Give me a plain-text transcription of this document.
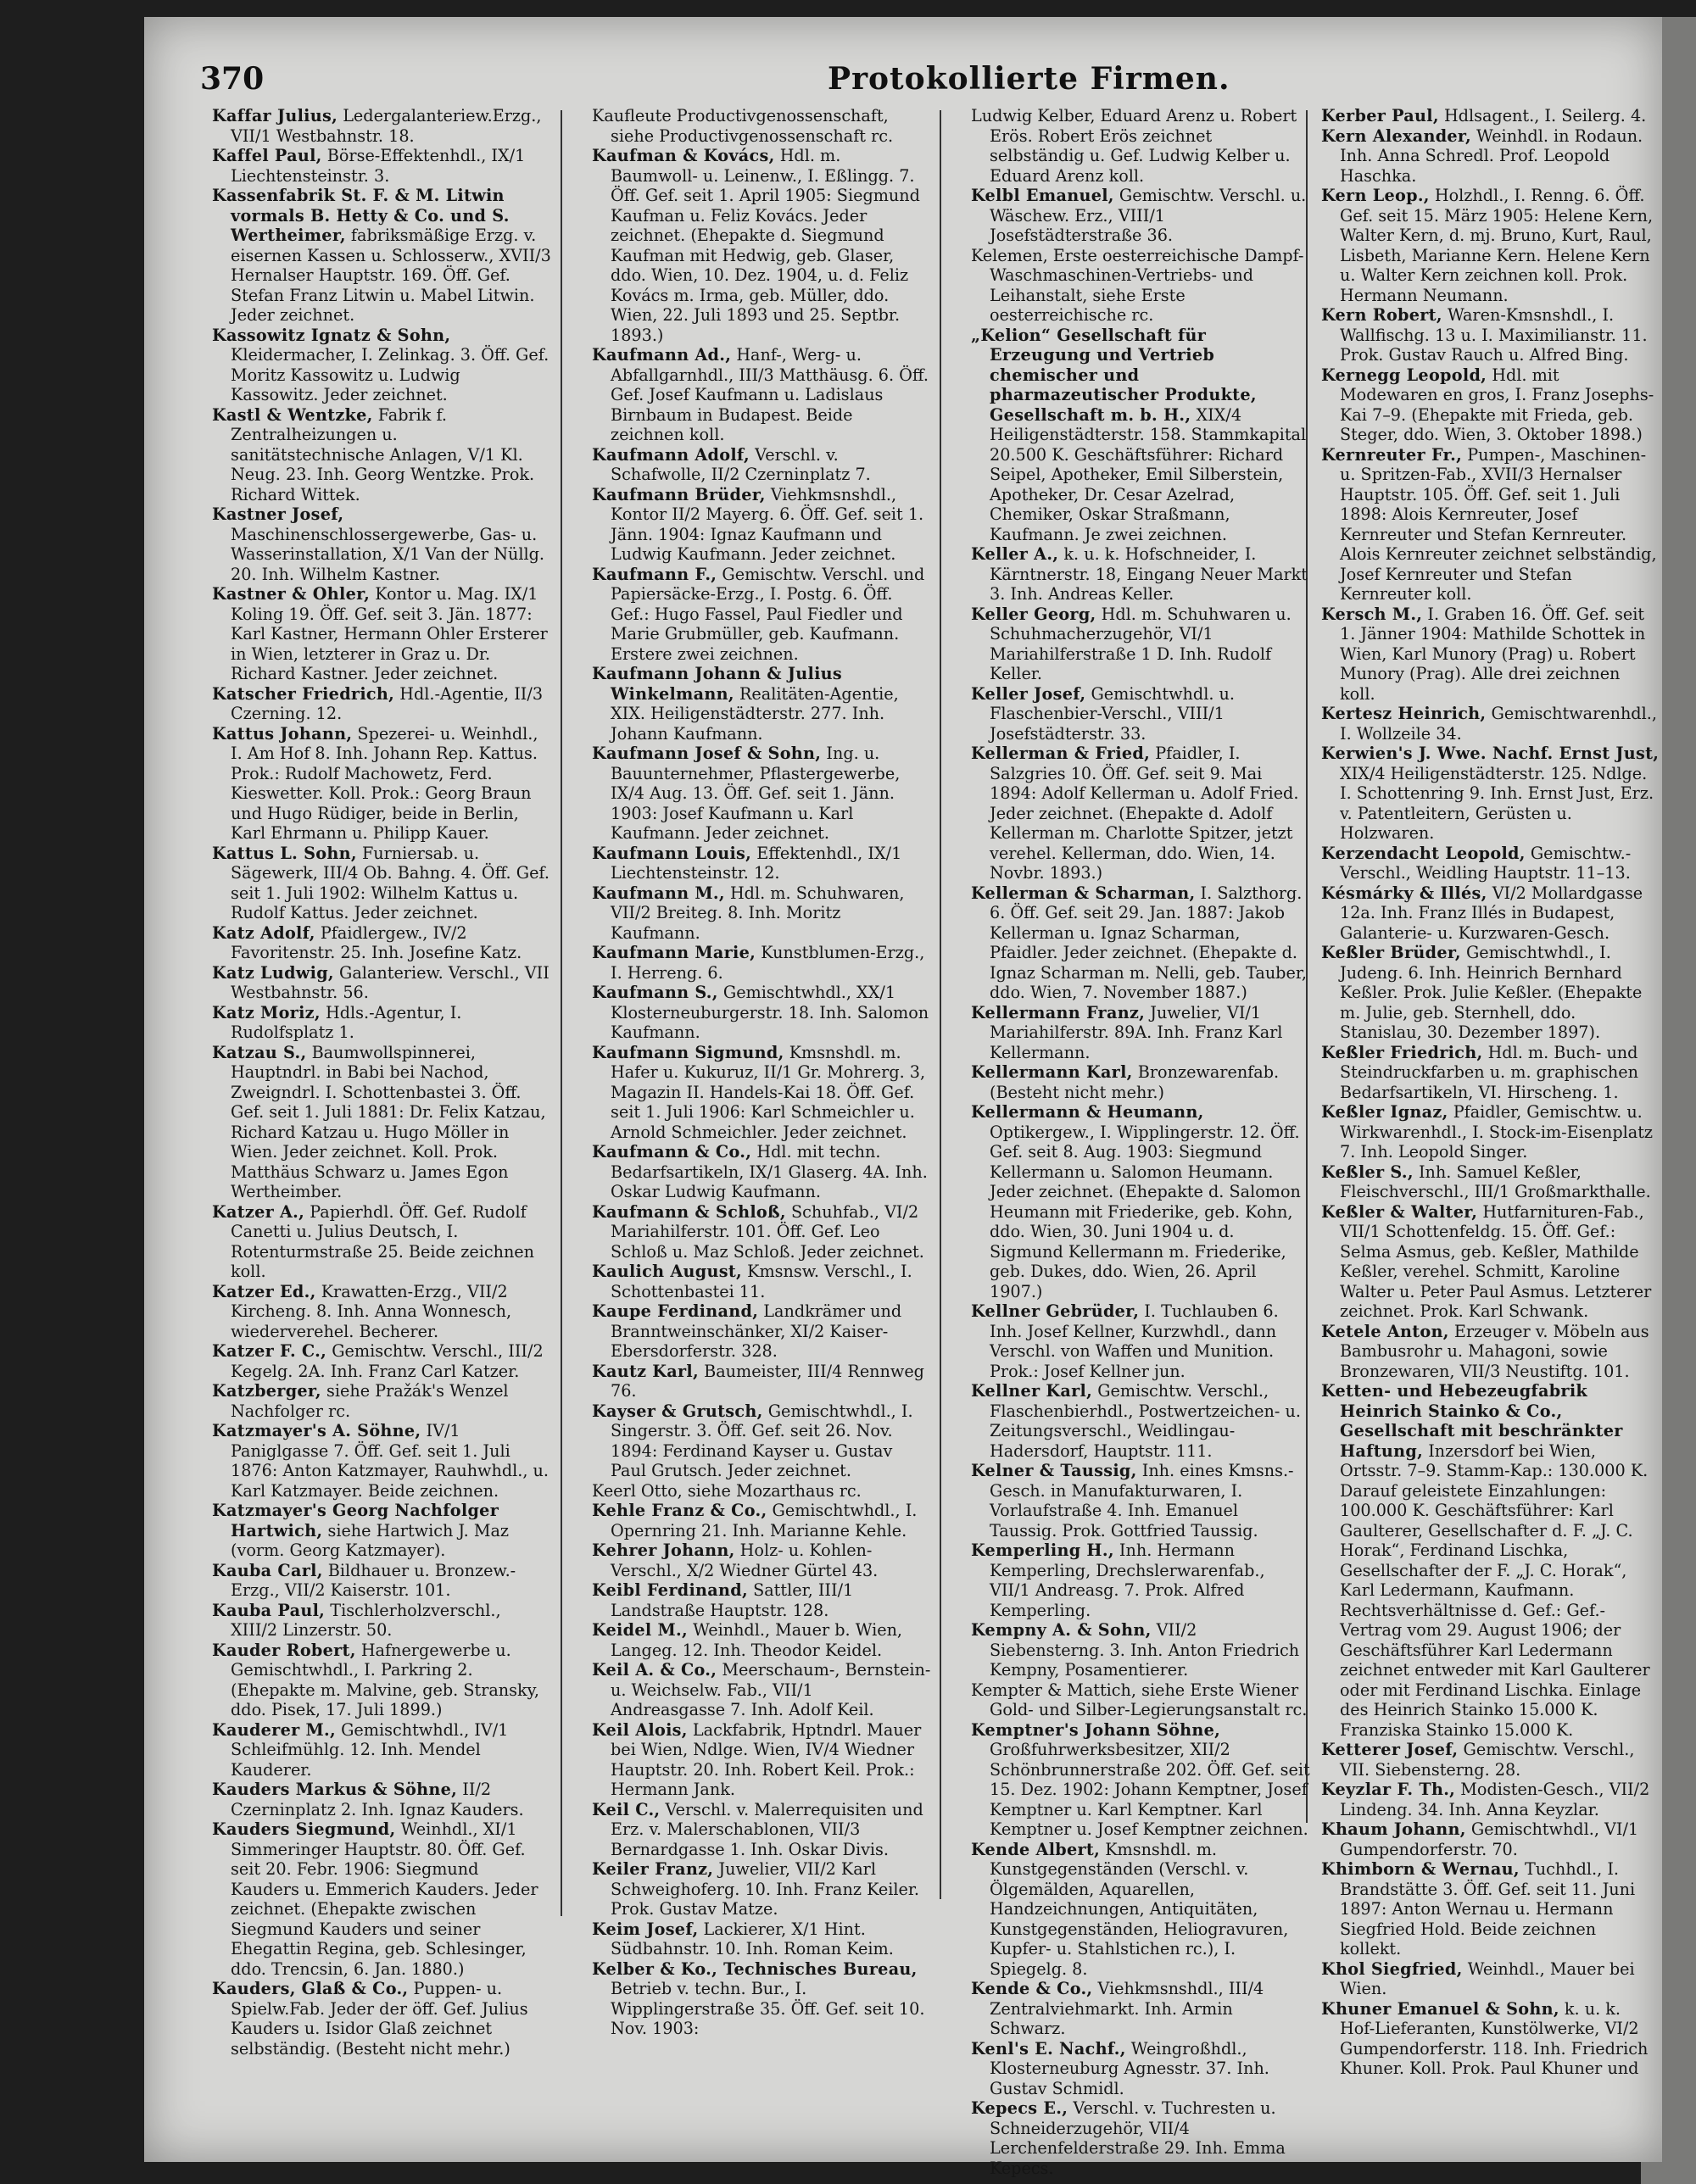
370	Protokollierte Firmen.

Kaffar Julius, Ledergalanteriew.Erzg., VII/1 Westbahnstr. 18.

Kaffel Paul, Börse-Effektenhdl., IX/1 Liechtensteinstr. 3.

Kassenfabrik St. F. & M. Litwin vormals B. Hetty & Co. und S. Wertheimer, fabriksmäßige Erzg. v. eisernen Kassen u. Schlosserw., XVII/3 Hernalser Hauptstr. 169. Öff. Gef. Stefan Franz Litwin u. Mabel Litwin. Jeder zeichnet.

Kassowitz Ignatz & Sohn, Kleidermacher, I. Zelinkag. 3. Öff. Gef. Moritz Kassowitz u. Ludwig Kassowitz. Jeder zeichnet.

Kastl & Wentzke, Fabrik f. Zentralheizungen u. sanitätstechnische Anlagen, V/1 Kl. Neug. 23. Inh. Georg Wentzke. Prok. Richard Wittek.

Kastner Josef, Maschinenschlossergewerbe, Gas- u. Wasserinstallation, X/1 Van der Nüllg. 20. Inh. Wilhelm Kastner.

Kastner & Ohler, Kontor u. Mag. IX/1 Koling 19. Öff. Gef. seit 3. Jän. 1877: Karl Kastner, Hermann Ohler Ersterer in Wien, letzterer in Graz u. Dr. Richard Kastner. Jeder zeichnet.

Katscher Friedrich, Hdl.-Agentie, II/3 Czerning. 12.

Kattus Johann, Spezerei- u. Weinhdl., I. Am Hof 8. Inh. Johann Rep. Kattus. Prok.: Rudolf Machowetz, Ferd. Kieswetter. Koll. Prok.: Georg Braun und Hugo Rüdiger, beide in Berlin, Karl Ehrmann u. Philipp Kauer.

Kattus L. Sohn, Furniersab. u. Sägewerk, III/4 Ob. Bahng. 4. Öff. Gef. seit 1. Juli 1902: Wilhelm Kattus u. Rudolf Kattus. Jeder zeichnet.

Katz Adolf, Pfaidlergew., IV/2 Favoritenstr. 25. Inh. Josefine Katz.

Katz Ludwig, Galanteriew. Verschl., VII Westbahnstr. 56.

Katz Moriz, Hdls.-Agentur, I. Rudolfsplatz 1.

Katzau S., Baumwollspinnerei, Hauptndrl. in Babi bei Nachod, Zweigndrl. I. Schottenbastei 3. Öff. Gef. seit 1. Juli 1881: Dr. Felix Katzau, Richard Katzau u. Hugo Möller in Wien. Jeder zeichnet. Koll. Prok. Matthäus Schwarz u. James Egon Wertheimber.

Katzer A., Papierhdl. Öff. Gef. Rudolf Canetti u. Julius Deutsch, I. Rotenturmstraße 25. Beide zeichnen koll.

Katzer Ed., Krawatten-Erzg., VII/2 Kircheng. 8. Inh. Anna Wonnesch, wiederverehel. Becherer.

Katzer F. C., Gemischtw. Verschl., III/2 Kegelg. 2A. Inh. Franz Carl Katzer.

Katzberger, siehe Pražák's Wenzel Nachfolger rc.

Katzmayer's A. Söhne, IV/1 Paniglgasse 7. Öff. Gef. seit 1. Juli 1876: Anton Katzmayer, Rauhwhdl., u. Karl Katzmayer. Beide zeichnen.

Katzmayer's Georg Nachfolger Hartwich, siehe Hartwich J. Maz (vorm. Georg Katzmayer).

Kauba Carl, Bildhauer u. Bronzew.-Erzg., VII/2 Kaiserstr. 101.

Kauba Paul, Tischlerholzverschl., XIII/2 Linzerstr. 50.

Kauder Robert, Hafnergewerbe u. Gemischtwhdl., I. Parkring 2. (Ehepakte m. Malvine, geb. Stransky, ddo. Pisek, 17. Juli 1899.)

Kauderer M., Gemischtwhdl., IV/1 Schleifmühlg. 12. Inh. Mendel Kauderer.

Kauders Markus & Söhne, II/2 Czerninplatz 2. Inh. Ignaz Kauders.

Kauders Siegmund, Weinhdl., XI/1 Simmeringer Hauptstr. 80. Öff. Gef. seit 20. Febr. 1906: Siegmund Kauders u. Emmerich Kauders. Jeder zeichnet. (Ehepakte zwischen Siegmund Kauders und seiner Ehegattin Regina, geb. Schlesinger, ddo. Trencsin, 6. Jan. 1880.)

Kauders, Glaß & Co., Puppen- u. Spielw.Fab. Jeder der öff. Gef. Julius Kauders u. Isidor Glaß zeichnet selbständig. (Besteht nicht mehr.)

Kaufleute Productivgenossenschaft, siehe Productivgenossenschaft rc.

Kaufman & Kovács, Hdl. m. Baumwoll- u. Leinenw., I. Eßlingg. 7. Öff. Gef. seit 1. April 1905: Siegmund Kaufman u. Feliz Kovács. Jeder zeichnet. (Ehepakte d. Siegmund Kaufman mit Hedwig, geb. Glaser, ddo. Wien, 10. Dez. 1904, u. d. Feliz Kovács m. Irma, geb. Müller, ddo. Wien, 22. Juli 1893 und 25. Septbr. 1893.)

Kaufmann Ad., Hanf-, Werg- u. Abfallgarnhdl., III/3 Matthäusg. 6. Öff. Gef. Josef Kaufmann u. Ladislaus Birnbaum in Budapest. Beide zeichnen koll.

Kaufmann Adolf, Verschl. v. Schafwolle, II/2 Czerninplatz 7.

Kaufmann Brüder, Viehkmsnshdl., Kontor II/2 Mayerg. 6. Öff. Gef. seit 1. Jänn. 1904: Ignaz Kaufmann und Ludwig Kaufmann. Jeder zeichnet.

Kaufmann F., Gemischtw. Verschl. und Papiersäcke-Erzg., I. Postg. 6. Öff. Gef.: Hugo Fassel, Paul Fiedler und Marie Grubmüller, geb. Kaufmann. Erstere zwei zeichnen.

Kaufmann Johann & Julius Winkelmann, Realitäten-Agentie, XIX. Heiligenstädterstr. 277. Inh. Johann Kaufmann.

Kaufmann Josef & Sohn, Ing. u. Bauunternehmer, Pflastergewerbe, IX/4 Aug. 13. Öff. Gef. seit 1. Jänn. 1903: Josef Kaufmann u. Karl Kaufmann. Jeder zeichnet.

Kaufmann Louis, Effektenhdl., IX/1 Liechtensteinstr. 12.

Kaufmann M., Hdl. m. Schuhwaren, VII/2 Breiteg. 8. Inh. Moritz Kaufmann.

Kaufmann Marie, Kunstblumen-Erzg., I. Herreng. 6.

Kaufmann S., Gemischtwhdl., XX/1 Klosterneuburgerstr. 18. Inh. Salomon Kaufmann.

Kaufmann Sigmund, Kmsnshdl. m. Hafer u. Kukuruz, II/1 Gr. Mohrerg. 3, Magazin II. Handels-Kai 18. Öff. Gef. seit 1. Juli 1906: Karl Schmeichler u. Arnold Schmeichler. Jeder zeichnet.

Kaufmann & Co., Hdl. mit techn. Bedarfsartikeln, IX/1 Glaserg. 4A. Inh. Oskar Ludwig Kaufmann.

Kaufmann & Schloß, Schuhfab., VI/2 Mariahilferstr. 101. Öff. Gef. Leo Schloß u. Maz Schloß. Jeder zeichnet.

Kaulich August, Kmsnsw. Verschl., I. Schottenbastei 11.

Kaupe Ferdinand, Landkrämer und Branntweinschänker, XI/2 Kaiser-Ebersdorferstr. 328.

Kautz Karl, Baumeister, III/4 Rennweg 76.

Kayser & Grutsch, Gemischtwhdl., I. Singerstr. 3. Öff. Gef. seit 26. Nov. 1894: Ferdinand Kayser u. Gustav Paul Grutsch. Jeder zeichnet.

Keerl Otto, siehe Mozarthaus rc.

Kehle Franz & Co., Gemischtwhdl., I. Opernring 21. Inh. Marianne Kehle.

Kehrer Johann, Holz- u. Kohlen-Verschl., X/2 Wiedner Gürtel 43.

Keibl Ferdinand, Sattler, III/1 Landstraße Hauptstr. 128.

Keidel M., Weinhdl., Mauer b. Wien, Langeg. 12. Inh. Theodor Keidel.

Keil A. & Co., Meerschaum-, Bernstein- u. Weichselw. Fab., VII/1 Andreasgasse 7. Inh. Adolf Keil.

Keil Alois, Lackfabrik, Hptndrl. Mauer bei Wien, Ndlge. Wien, IV/4 Wiedner Hauptstr. 20. Inh. Robert Keil. Prok.: Hermann Jank.

Keil C., Verschl. v. Malerrequisiten und Erz. v. Malerschablonen, VII/3 Bernardgasse 1. Inh. Oskar Divis.

Keiler Franz, Juwelier, VII/2 Karl Schweighoferg. 10. Inh. Franz Keiler. Prok. Gustav Matze.

Keim Josef, Lackierer, X/1 Hint. Südbahnstr. 10. Inh. Roman Keim.

Kelber & Ko., Technisches Bureau, Betrieb v. techn. Bur., I. Wipplingerstraße 35. Öff. Gef. seit 10. Nov. 1903:

Ludwig Kelber, Eduard Arenz u. Robert Erös. Robert Erös zeichnet selbständig u. Gef. Ludwig Kelber u. Eduard Arenz koll.

Kelbl Emanuel, Gemischtw. Verschl. u. Wäschew. Erz., VIII/1 Josefstädterstraße 36.

Kelemen, Erste oesterreichische Dampf-Waschmaschinen-Vertriebs- und Leihanstalt, siehe Erste oesterreichische rc.

„Kelion“ Gesellschaft für Erzeugung und Vertrieb chemischer und pharmazeutischer Produkte, Gesellschaft m. b. H., XIX/4 Heiligenstädterstr. 158. Stammkapital 20.500 K. Geschäftsführer: Richard Seipel, Apotheker, Emil Silberstein, Apotheker, Dr. Cesar Azelrad, Chemiker, Oskar Straßmann, Kaufmann. Je zwei zeichnen.

Keller A., k. u. k. Hofschneider, I. Kärntnerstr. 18, Eingang Neuer Markt 3. Inh. Andreas Keller.

Keller Georg, Hdl. m. Schuhwaren u. Schuhmacherzugehör, VI/1 Mariahilferstraße 1 D. Inh. Rudolf Keller.

Keller Josef, Gemischtwhdl. u. Flaschenbier-Verschl., VIII/1 Josefstädterstr. 33.

Kellerman & Fried, Pfaidler, I. Salzgries 10. Öff. Gef. seit 9. Mai 1894: Adolf Kellerman u. Adolf Fried. Jeder zeichnet. (Ehepakte d. Adolf Kellerman m. Charlotte Spitzer, jetzt verehel. Kellerman, ddo. Wien, 14. Novbr. 1893.)

Kellerman & Scharman, I. Salzthorg. 6. Öff. Gef. seit 29. Jan. 1887: Jakob Kellerman u. Ignaz Scharman, Pfaidler. Jeder zeichnet. (Ehepakte d. Ignaz Scharman m. Nelli, geb. Tauber, ddo. Wien, 7. November 1887.)

Kellermann Franz, Juwelier, VI/1 Mariahilferstr. 89A. Inh. Franz Karl Kellermann.

Kellermann Karl, Bronzewarenfab. (Besteht nicht mehr.)

Kellermann & Heumann, Optikergew., I. Wipplingerstr. 12. Öff. Gef. seit 8. Aug. 1903: Siegmund Kellermann u. Salomon Heumann. Jeder zeichnet. (Ehepakte d. Salomon Heumann mit Friederike, geb. Kohn, ddo. Wien, 30. Juni 1904 u. d. Sigmund Kellermann m. Friederike, geb. Dukes, ddo. Wien, 26. April 1907.)

Kellner Gebrüder, I. Tuchlauben 6. Inh. Josef Kellner, Kurzwhdl., dann Verschl. von Waffen und Munition. Prok.: Josef Kellner jun.

Kellner Karl, Gemischtw. Verschl., Flaschenbierhdl., Postwertzeichen- u. Zeitungsverschl., Weidlingau-Hadersdorf, Hauptstr. 111.

Kelner & Taussig, Inh. eines Kmsns.-Gesch. in Manufakturwaren, I. Vorlaufstraße 4. Inh. Emanuel Taussig. Prok. Gottfried Taussig.

Kemperling H., Inh. Hermann Kemperling, Drechslerwarenfab., VII/1 Andreasg. 7. Prok. Alfred Kemperling.

Kempny A. & Sohn, VII/2 Siebensterng. 3. Inh. Anton Friedrich Kempny, Posamentierer.

Kempter & Mattich, siehe Erste Wiener Gold- und Silber-Legierungsanstalt rc.

Kemptner's Johann Söhne, Großfuhrwerksbesitzer, XII/2 Schönbrunnerstraße 202. Öff. Gef. seit 15. Dez. 1902: Johann Kemptner, Josef Kemptner u. Karl Kemptner. Karl Kemptner u. Josef Kemptner zeichnen.

Kende Albert, Kmsnshdl. m. Kunstgegenständen (Verschl. v. Ölgemälden, Aquarellen, Handzeichnungen, Antiquitäten, Kunstgegenständen, Heliogravuren, Kupfer- u. Stahlstichen rc.), I. Spiegelg. 8.

Kende & Co., Viehkmsnshdl., III/4 Zentralviehmarkt. Inh. Armin Schwarz.

Kenl's E. Nachf., Weingroßhdl., Klosterneuburg Agnesstr. 37. Inh. Gustav Schmidl.

Kepecs E., Verschl. v. Tuchresten u. Schneiderzugehör, VII/4 Lerchenfelderstraße 29. Inh. Emma Kepecs.

Kerber Paul, Hdlsagent., I. Seilerg. 4.

Kern Alexander, Weinhdl. in Rodaun. Inh. Anna Schredl. Prof. Leopold Haschka.

Kern Leop., Holzhdl., I. Renng. 6. Öff. Gef. seit 15. März 1905: Helene Kern, Walter Kern, d. mj. Bruno, Kurt, Raul, Lisbeth, Marianne Kern. Helene Kern u. Walter Kern zeichnen koll. Prok. Hermann Neumann.

Kern Robert, Waren-Kmsnshdl., I. Wallfischg. 13 u. I. Maximilianstr. 11. Prok. Gustav Rauch u. Alfred Bing.

Kernegg Leopold, Hdl. mit Modewaren en gros, I. Franz Josephs-Kai 7–9. (Ehepakte mit Frieda, geb. Steger, ddo. Wien, 3. Oktober 1898.)

Kernreuter Fr., Pumpen-, Maschinen- u. Spritzen-Fab., XVII/3 Hernalser Hauptstr. 105. Öff. Gef. seit 1. Juli 1898: Alois Kernreuter, Josef Kernreuter und Stefan Kernreuter. Alois Kernreuter zeichnet selbständig, Josef Kernreuter und Stefan Kernreuter koll.

Kersch M., I. Graben 16. Öff. Gef. seit 1. Jänner 1904: Mathilde Schottek in Wien, Karl Munory (Prag) u. Robert Munory (Prag). Alle drei zeichnen koll.

Kertesz Heinrich, Gemischtwarenhdl., I. Wollzeile 34.

Kerwien's J. Wwe. Nachf. Ernst Just, XIX/4 Heiligenstädterstr. 125. Ndlge. I. Schottenring 9. Inh. Ernst Just, Erz. v. Patentleitern, Gerüsten u. Holzwaren.

Kerzendacht Leopold, Gemischtw.-Verschl., Weidling Hauptstr. 11–13.

Késmárky & Illés, VI/2 Mollardgasse 12a. Inh. Franz Illés in Budapest, Galanterie- u. Kurzwaren-Gesch.

Keßler Brüder, Gemischtwhdl., I. Judeng. 6. Inh. Heinrich Bernhard Keßler. Prok. Julie Keßler. (Ehepakte m. Julie, geb. Sternhell, ddo. Stanislau, 30. Dezember 1897).

Keßler Friedrich, Hdl. m. Buch- und Steindruckfarben u. m. graphischen Bedarfsartikeln, VI. Hirscheng. 1.

Keßler Ignaz, Pfaidler, Gemischtw. u. Wirkwarenhdl., I. Stock-im-Eisenplatz 7. Inh. Leopold Singer.

Keßler S., Inh. Samuel Keßler, Fleischverschl., III/1 Großmarkthalle.

Keßler & Walter, Hutfarnituren-Fab., VII/1 Schottenfeldg. 15. Öff. Gef.: Selma Asmus, geb. Keßler, Mathilde Keßler, verehel. Schmitt, Karoline Walter u. Peter Paul Asmus. Letzterer zeichnet. Prok. Karl Schwank.

Ketele Anton, Erzeuger v. Möbeln aus Bambusrohr u. Mahagoni, sowie Bronzewaren, VII/3 Neustiftg. 101.

Ketten- und Hebezeugfabrik Heinrich Stainko & Co., Gesellschaft mit beschränkter Haftung, Inzersdorf bei Wien, Ortsstr. 7–9. Stamm-Kap.: 130.000 K. Darauf geleistete Einzahlungen: 100.000 K. Geschäftsführer: Karl Gaulterer, Gesellschafter d. F. „J. C. Horak“, Ferdinand Lischka, Gesellschafter der F. „J. C. Horak“, Karl Ledermann, Kaufmann. Rechtsverhältnisse d. Gef.: Gef.-Vertrag vom 29. August 1906; der Geschäftsführer Karl Ledermann zeichnet entweder mit Karl Gaulterer oder mit Ferdinand Lischka. Einlage des Heinrich Stainko 15.000 K. Franziska Stainko 15.000 K.

Ketterer Josef, Gemischtw. Verschl., VII. Siebensterng. 28.

Keyzlar F. Th., Modisten-Gesch., VII/2 Lindeng. 34. Inh. Anna Keyzlar.

Khaum Johann, Gemischtwhdl., VI/1 Gumpendorferstr. 70.

Khimborn & Wernau, Tuchhdl., I. Brandstätte 3. Öff. Gef. seit 11. Juni 1897: Anton Wernau u. Hermann Siegfried Hold. Beide zeichnen kollekt.

Khol Siegfried, Weinhdl., Mauer bei Wien.

Khuner Emanuel & Sohn, k. u. k. Hof-Lieferanten, Kunstölwerke, VI/2 Gumpendorferstr. 118. Inh. Friedrich Khuner. Koll. Prok. Paul Khuner und
